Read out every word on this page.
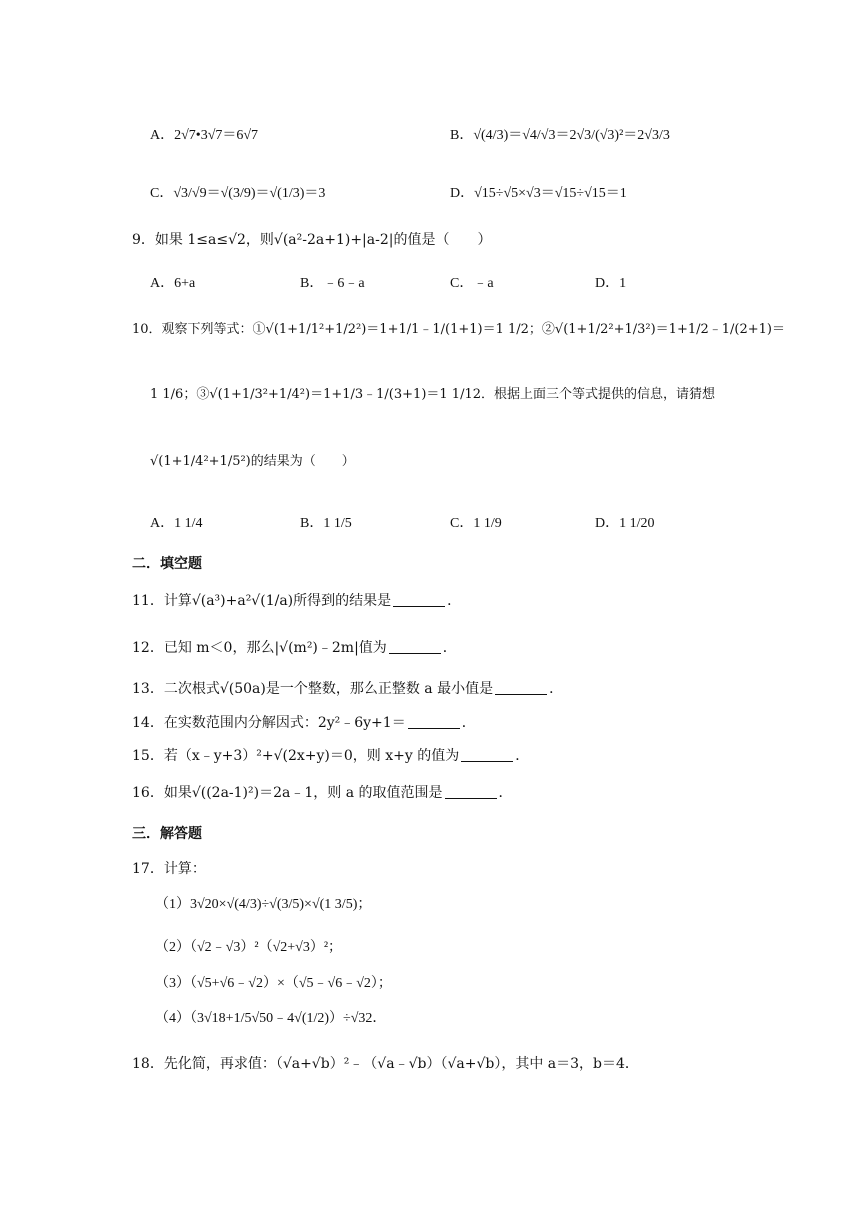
A．2√7•3√7＝6√7	B．√(4/3)＝√4/√3＝2√3/(√3)²＝2√3/3
C．√3/√9＝√(3/9)＝√(1/3)＝3	D．√15÷√5×√3＝√15÷√15＝1
9．如果 1≤a≤√2，则√(a²-2a+1)+|a-2|的值是（　　）
A．6+a	B．﹣6﹣a	C．﹣a	D．1
10．观察下列等式：①√(1+1/1²+1/2²)＝1+1/1﹣1/(1+1)＝1 1/2；②√(1+1/2²+1/3²)＝1+1/2﹣1/(2+1)＝
1 1/6；③√(1+1/3²+1/4²)＝1+1/3﹣1/(3+1)＝1 1/12．根据上面三个等式提供的信息，请猜想
√(1+1/4²+1/5²)的结果为（　　）
A．1 1/4	B．1 1/5	C．1 1/9	D．1 1/20
二．填空题
11．计算√(a³)+a²√(1/a)所得到的结果是	．
12．已知 m＜0，那么|√(m²)﹣2m|值为	．
13．二次根式√(50a)是一个整数，那么正整数 a 最小值是	．
14．在实数范围内分解因式：2y²﹣6y+1＝	．
15．若（x﹣y+3）²+√(2x+y)＝0，则 x+y 的值为	．
16．如果√((2a-1)²)＝2a﹣1，则 a 的取值范围是	．
三．解答题
17．计算：
（1）3√20×√(4/3)÷√(3/5)×√(1 3/5)；
（2）（√2﹣√3）²（√2+√3）²；
（3）（√5+√6﹣√2）×（√5﹣√6﹣√2）；
（4）（3√18+1/5√50﹣4√(1/2)）÷√32．
18．先化简，再求值：（√a+√b）²﹣（√a﹣√b）（√a+√b），其中 a＝3，b＝4．
